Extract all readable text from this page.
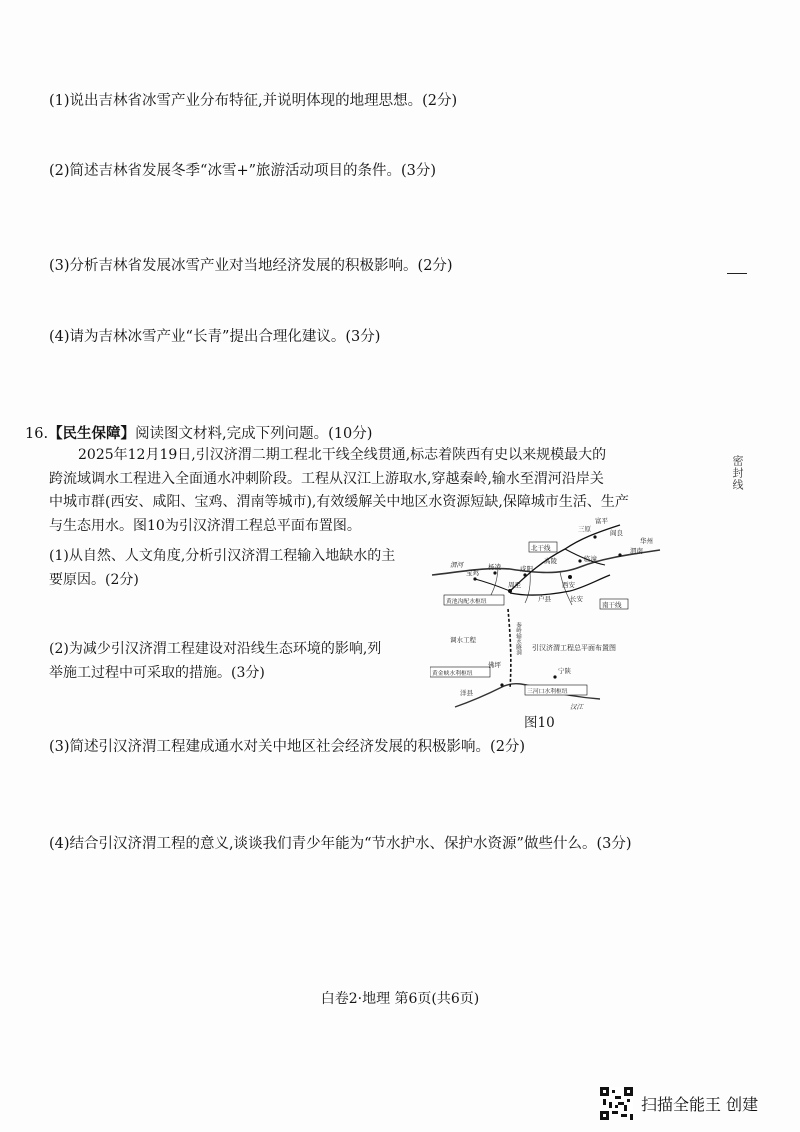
(1)说出吉林省冰雪产业分布特征,并说明体现的地理思想。(2分)
(2)简述吉林省发展冬季“冰雪+”旅游活动项目的条件。(3分)
(3)分析吉林省发展冰雪产业对当地经济发展的积极影响。(2分)
(4)请为吉林冰雪产业“长青”提出合理化建议。(3分)
密封线
16.【民生保障】阅读图文材料,完成下列问题。(10分)
2025年12月19日,引汉济渭二期工程北干线全线贯通,标志着陕西有史以来规模最大的
跨流域调水工程进入全面通水冲刺阶段。工程从汉江上游取水,穿越秦岭,输水至渭河沿岸关
中城市群(西安、咸阳、宝鸡、渭南等城市),有效缓解关中地区水资源短缺,保障城市生活、生产
与生态用水。图10为引汉济渭工程总平面布置图。
(1)从自然、人文角度,分析引汉济渭工程输入地缺水的主
要原因。(2分)
(2)为减少引汉济渭工程建设对沿线生态环境的影响,列
举施工过程中可采取的措施。(3分)
北干线
南干线
黄池沟配水枢纽
黄金峡水利枢纽
三河口水利枢纽
秦岭输水隧洞
调水工程
引汉济渭工程总平面布置图
宝鸡
杨凌	咸阳
西安
临潼
渭南
华州
三原
富平
阎良
佛坪
宁陕
洋县
周至
户县	长安
高陵
渭河
汉江
图10
(3)简述引汉济渭工程建成通水对关中地区社会经济发展的积极影响。(2分)
(4)结合引汉济渭工程的意义,谈谈我们青少年能为“节水护水、保护水资源”做些什么。(3分)
白卷2·地理 第6页(共6页)
扫描全能王 创建
